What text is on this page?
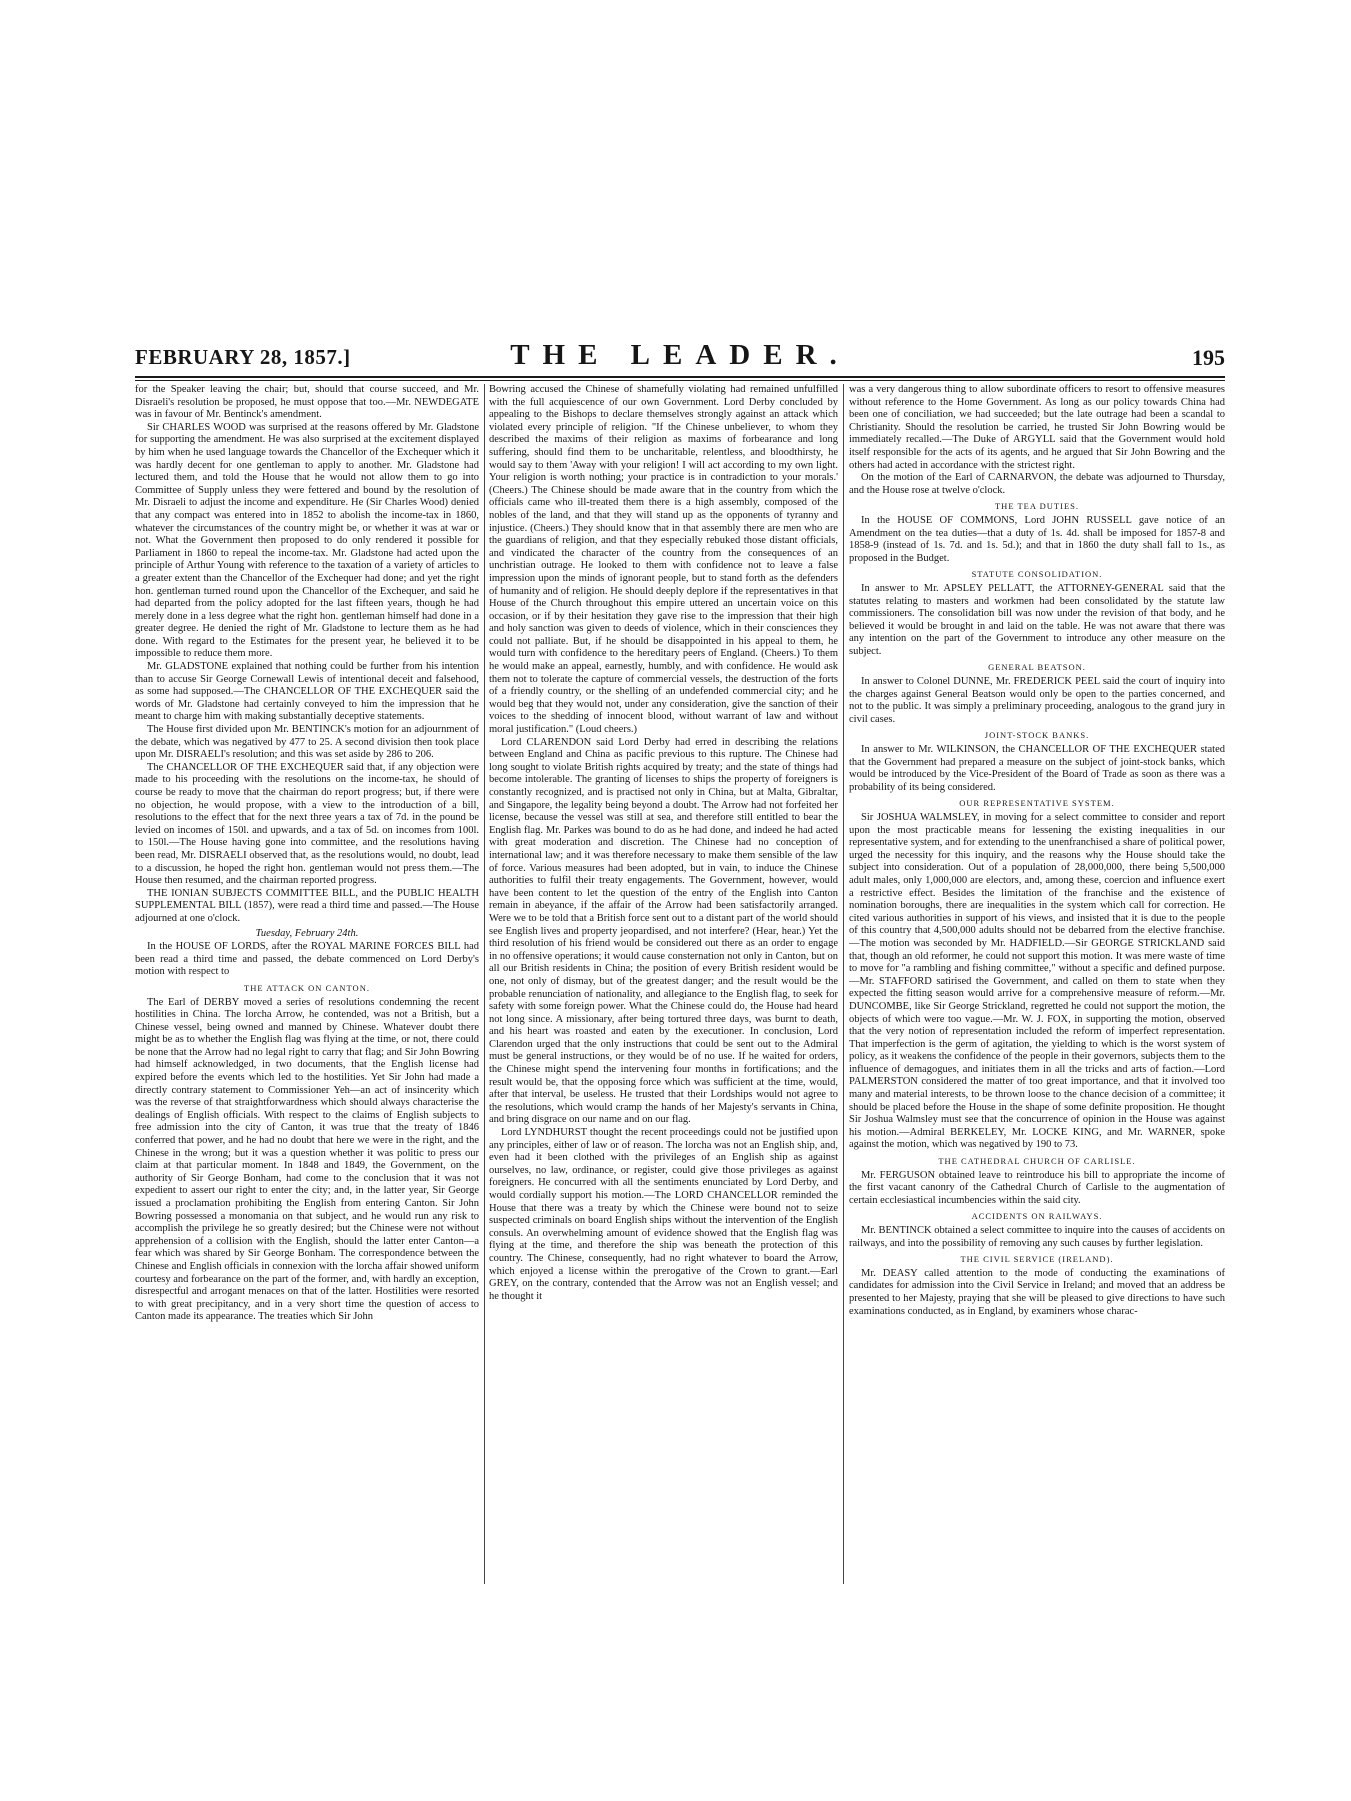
FEBRUARY 28, 1857.]	THE LEADER.	195

for the Speaker leaving the chair; but, should that course succeed, and Mr. Disraeli's resolution be proposed, he must oppose that too.—Mr. NEWDEGATE was in favour of Mr. Bentinck's amendment.

Sir CHARLES WOOD was surprised at the reasons offered by Mr. Gladstone for supporting the amendment. He was also surprised at the excitement displayed by him when he used language towards the Chancellor of the Exchequer which it was hardly decent for one gentleman to apply to another. Mr. Gladstone had lectured them, and told the House that he would not allow them to go into Committee of Supply unless they were fettered and bound by the resolution of Mr. Disraeli to adjust the income and expenditure. He (Sir Charles Wood) denied that any compact was entered into in 1852 to abolish the income-tax in 1860, whatever the circumstances of the country might be, or whether it was at war or not. What the Government then proposed to do only rendered it possible for Parliament in 1860 to repeal the income-tax. Mr. Gladstone had acted upon the principle of Arthur Young with reference to the taxation of a variety of articles to a greater extent than the Chancellor of the Exchequer had done; and yet the right hon. gentleman turned round upon the Chancellor of the Exchequer, and said he had departed from the policy adopted for the last fifteen years, though he had merely done in a less degree what the right hon. gentleman himself had done in a greater degree. He denied the right of Mr. Gladstone to lecture them as he had done. With regard to the Estimates for the present year, he believed it to be impossible to reduce them more.

Mr. GLADSTONE explained that nothing could be further from his intention than to accuse Sir George Cornewall Lewis of intentional deceit and falsehood, as some had supposed.—The CHANCELLOR OF THE EXCHEQUER said the words of Mr. Gladstone had certainly conveyed to him the impression that he meant to charge him with making substantially deceptive statements.

The House first divided upon Mr. BENTINCK's motion for an adjournment of the debate, which was negatived by 477 to 25. A second division then took place upon Mr. DISRAELI's resolution; and this was set aside by 286 to 206.

The CHANCELLOR OF THE EXCHEQUER said that, if any objection were made to his proceeding with the resolutions on the income-tax, he should of course be ready to move that the chairman do report progress; but, if there were no objection, he would propose, with a view to the introduction of a bill, resolutions to the effect that for the next three years a tax of 7d. in the pound be levied on incomes of 150l. and upwards, and a tax of 5d. on incomes from 100l. to 150l.—The House having gone into committee, and the resolutions having been read, Mr. DISRAELI observed that, as the resolutions would, no doubt, lead to a discussion, he hoped the right hon. gentleman would not press them.—The House then resumed, and the chairman reported progress.

THE IONIAN SUBJECTS COMMITTEE BILL, and the PUBLIC HEALTH SUPPLEMENTAL BILL (1857), were read a third time and passed.—The House adjourned at one o'clock.

Tuesday, February 24th.

In the HOUSE OF LORDS, after the ROYAL MARINE FORCES BILL had been read a third time and passed, the debate commenced on Lord Derby's motion with respect to

THE ATTACK ON CANTON.

The Earl of DERBY moved a series of resolutions condemning the recent hostilities in China. The lorcha Arrow, he contended, was not a British, but a Chinese vessel, being owned and manned by Chinese. Whatever doubt there might be as to whether the English flag was flying at the time, or not, there could be none that the Arrow had no legal right to carry that flag; and Sir John Bowring had himself acknowledged, in two documents, that the English license had expired before the events which led to the hostilities. Yet Sir John had made a directly contrary statement to Commissioner Yeh—an act of insincerity which was the reverse of that straightforwardness which should always characterise the dealings of English officials. With respect to the claims of English subjects to free admission into the city of Canton, it was true that the treaty of 1846 conferred that power, and he had no doubt that here we were in the right, and the Chinese in the wrong; but it was a question whether it was politic to press our claim at that particular moment. In 1848 and 1849, the Government, on the authority of Sir George Bonham, had come to the conclusion that it was not expedient to assert our right to enter the city; and, in the latter year, Sir George issued a proclamation prohibiting the English from entering Canton. Sir John Bowring possessed a monomania on that subject, and he would run any risk to accomplish the privilege he so greatly desired; but the Chinese were not without apprehension of a collision with the English, should the latter enter Canton—a fear which was shared by Sir George Bonham. The correspondence between the Chinese and English officials in connexion with the lorcha affair showed uniform courtesy and forbearance on the part of the former, and, with hardly an exception, disrespectful and arrogant menaces on that of the latter. Hostilities were resorted to with great precipitancy, and in a very short time the question of access to Canton made its appearance. The treaties which Sir John

Bowring accused the Chinese of shamefully violating had remained unfulfilled with the full acquiescence of our own Government. Lord Derby concluded by appealing to the Bishops to declare themselves strongly against an attack which violated every principle of religion. "If the Chinese unbeliever, to whom they described the maxims of their religion as maxims of forbearance and long suffering, should find them to be uncharitable, relentless, and bloodthirsty, he would say to them 'Away with your religion! I will act according to my own light. Your religion is worth nothing; your practice is in contradiction to your morals.' (Cheers.) The Chinese should be made aware that in the country from which the officials came who ill-treated them there is a high assembly, composed of the nobles of the land, and that they will stand up as the opponents of tyranny and injustice. (Cheers.) They should know that in that assembly there are men who are the guardians of religion, and that they especially rebuked those distant officials, and vindicated the character of the country from the consequences of an unchristian outrage. He looked to them with confidence not to leave a false impression upon the minds of ignorant people, but to stand forth as the defenders of humanity and of religion. He should deeply deplore if the representatives in that House of the Church throughout this empire uttered an uncertain voice on this occasion, or if by their hesitation they gave rise to the impression that their high and holy sanction was given to deeds of violence, which in their consciences they could not palliate. But, if he should be disappointed in his appeal to them, he would turn with confidence to the hereditary peers of England. (Cheers.) To them he would make an appeal, earnestly, humbly, and with confidence. He would ask them not to tolerate the capture of commercial vessels, the destruction of the forts of a friendly country, or the shelling of an undefended commercial city; and he would beg that they would not, under any consideration, give the sanction of their voices to the shedding of innocent blood, without warrant of law and without moral justification." (Loud cheers.)

Lord CLARENDON said Lord Derby had erred in describing the relations between England and China as pacific previous to this rupture. The Chinese had long sought to violate British rights acquired by treaty; and the state of things had become intolerable. The granting of licenses to ships the property of foreigners is constantly recognized, and is practised not only in China, but at Malta, Gibraltar, and Singapore, the legality being beyond a doubt. The Arrow had not forfeited her license, because the vessel was still at sea, and therefore still entitled to bear the English flag. Mr. Parkes was bound to do as he had done, and indeed he had acted with great moderation and discretion. The Chinese had no conception of international law; and it was therefore necessary to make them sensible of the law of force. Various measures had been adopted, but in vain, to induce the Chinese authorities to fulfil their treaty engagements. The Government, however, would have been content to let the question of the entry of the English into Canton remain in abeyance, if the affair of the Arrow had been satisfactorily arranged. Were we to be told that a British force sent out to a distant part of the world should see English lives and property jeopardised, and not interfere? (Hear, hear.) Yet the third resolution of his friend would be considered out there as an order to engage in no offensive operations; it would cause consternation not only in Canton, but on all our British residents in China; the position of every British resident would be one, not only of dismay, but of the greatest danger; and the result would be the probable renunciation of nationality, and allegiance to the English flag, to seek for safety with some foreign power. What the Chinese could do, the House had heard not long since. A missionary, after being tortured three days, was burnt to death, and his heart was roasted and eaten by the executioner. In conclusion, Lord Clarendon urged that the only instructions that could be sent out to the Admiral must be general instructions, or they would be of no use. If he waited for orders, the Chinese might spend the intervening four months in fortifications; and the result would be, that the opposing force which was sufficient at the time, would, after that interval, be useless. He trusted that their Lordships would not agree to the resolutions, which would cramp the hands of her Majesty's servants in China, and bring disgrace on our name and on our flag.

Lord LYNDHURST thought the recent proceedings could not be justified upon any principles, either of law or of reason. The lorcha was not an English ship, and, even had it been clothed with the privileges of an English ship as against ourselves, no law, ordinance, or register, could give those privileges as against foreigners. He concurred with all the sentiments enunciated by Lord Derby, and would cordially support his motion.—The LORD CHANCELLOR reminded the House that there was a treaty by which the Chinese were bound not to seize suspected criminals on board English ships without the intervention of the English consuls. An overwhelming amount of evidence showed that the English flag was flying at the time, and therefore the ship was beneath the protection of this country. The Chinese, consequently, had no right whatever to board the Arrow, which enjoyed a license within the prerogative of the Crown to grant.—Earl GREY, on the contrary, contended that the Arrow was not an English vessel; and he thought it

was a very dangerous thing to allow subordinate officers to resort to offensive measures without reference to the Home Government. As long as our policy towards China had been one of conciliation, we had succeeded; but the late outrage had been a scandal to Christianity. Should the resolution be carried, he trusted Sir John Bowring would be immediately recalled.—The Duke of ARGYLL said that the Government would hold itself responsible for the acts of its agents, and he argued that Sir John Bowring and the others had acted in accordance with the strictest right.

On the motion of the Earl of CARNARVON, the debate was adjourned to Thursday, and the House rose at twelve o'clock.

THE TEA DUTIES.

In the HOUSE OF COMMONS, Lord JOHN RUSSELL gave notice of an Amendment on the tea duties—that a duty of 1s. 4d. shall be imposed for 1857-8 and 1858-9 (instead of 1s. 7d. and 1s. 5d.); and that in 1860 the duty shall fall to 1s., as proposed in the Budget.

STATUTE CONSOLIDATION.

In answer to Mr. APSLEY PELLATT, the ATTORNEY-GENERAL said that the statutes relating to masters and workmen had been consolidated by the statute law commissioners. The consolidation bill was now under the revision of that body, and he believed it would be brought in and laid on the table. He was not aware that there was any intention on the part of the Government to introduce any other measure on the subject.

GENERAL BEATSON.

In answer to Colonel DUNNE, Mr. FREDERICK PEEL said the court of inquiry into the charges against General Beatson would only be open to the parties concerned, and not to the public. It was simply a preliminary proceeding, analogous to the grand jury in civil cases.

JOINT-STOCK BANKS.

In answer to Mr. WILKINSON, the CHANCELLOR OF THE EXCHEQUER stated that the Government had prepared a measure on the subject of joint-stock banks, which would be introduced by the Vice-President of the Board of Trade as soon as there was a probability of its being considered.

OUR REPRESENTATIVE SYSTEM.

Sir JOSHUA WALMSLEY, in moving for a select committee to consider and report upon the most practicable means for lessening the existing inequalities in our representative system, and for extending to the unenfranchised a share of political power, urged the necessity for this inquiry, and the reasons why the House should take the subject into consideration. Out of a population of 28,000,000, there being 5,500,000 adult males, only 1,000,000 are electors, and, among these, coercion and influence exert a restrictive effect. Besides the limitation of the franchise and the existence of nomination boroughs, there are inequalities in the system which call for correction. He cited various authorities in support of his views, and insisted that it is due to the people of this country that 4,500,000 adults should not be debarred from the elective franchise.—The motion was seconded by Mr. HADFIELD.—Sir GEORGE STRICKLAND said that, though an old reformer, he could not support this motion. It was mere waste of time to move for "a rambling and fishing committee," without a specific and defined purpose.—Mr. STAFFORD satirised the Government, and called on them to state when they expected the fitting season would arrive for a comprehensive measure of reform.—Mr. DUNCOMBE, like Sir George Strickland, regretted he could not support the motion, the objects of which were too vague.—Mr. W. J. FOX, in supporting the motion, observed that the very notion of representation included the reform of imperfect representation. That imperfection is the germ of agitation, the yielding to which is the worst system of policy, as it weakens the confidence of the people in their governors, subjects them to the influence of demagogues, and initiates them in all the tricks and arts of faction.—Lord PALMERSTON considered the matter of too great importance, and that it involved too many and material interests, to be thrown loose to the chance decision of a committee; it should be placed before the House in the shape of some definite proposition. He thought Sir Joshua Walmsley must see that the concurrence of opinion in the House was against his motion.—Admiral BERKELEY, Mr. LOCKE KING, and Mr. WARNER, spoke against the motion, which was negatived by 190 to 73.

THE CATHEDRAL CHURCH OF CARLISLE.

Mr. FERGUSON obtained leave to reintroduce his bill to appropriate the income of the first vacant canonry of the Cathedral Church of Carlisle to the augmentation of certain ecclesiastical incumbencies within the said city.

ACCIDENTS ON RAILWAYS.

Mr. BENTINCK obtained a select committee to inquire into the causes of accidents on railways, and into the possibility of removing any such causes by further legislation.

THE CIVIL SERVICE (IRELAND).

Mr. DEASY called attention to the mode of conducting the examinations of candidates for admission into the Civil Service in Ireland; and moved that an address be presented to her Majesty, praying that she will be pleased to give directions to have such examinations conducted, as in England, by examiners whose charac-
